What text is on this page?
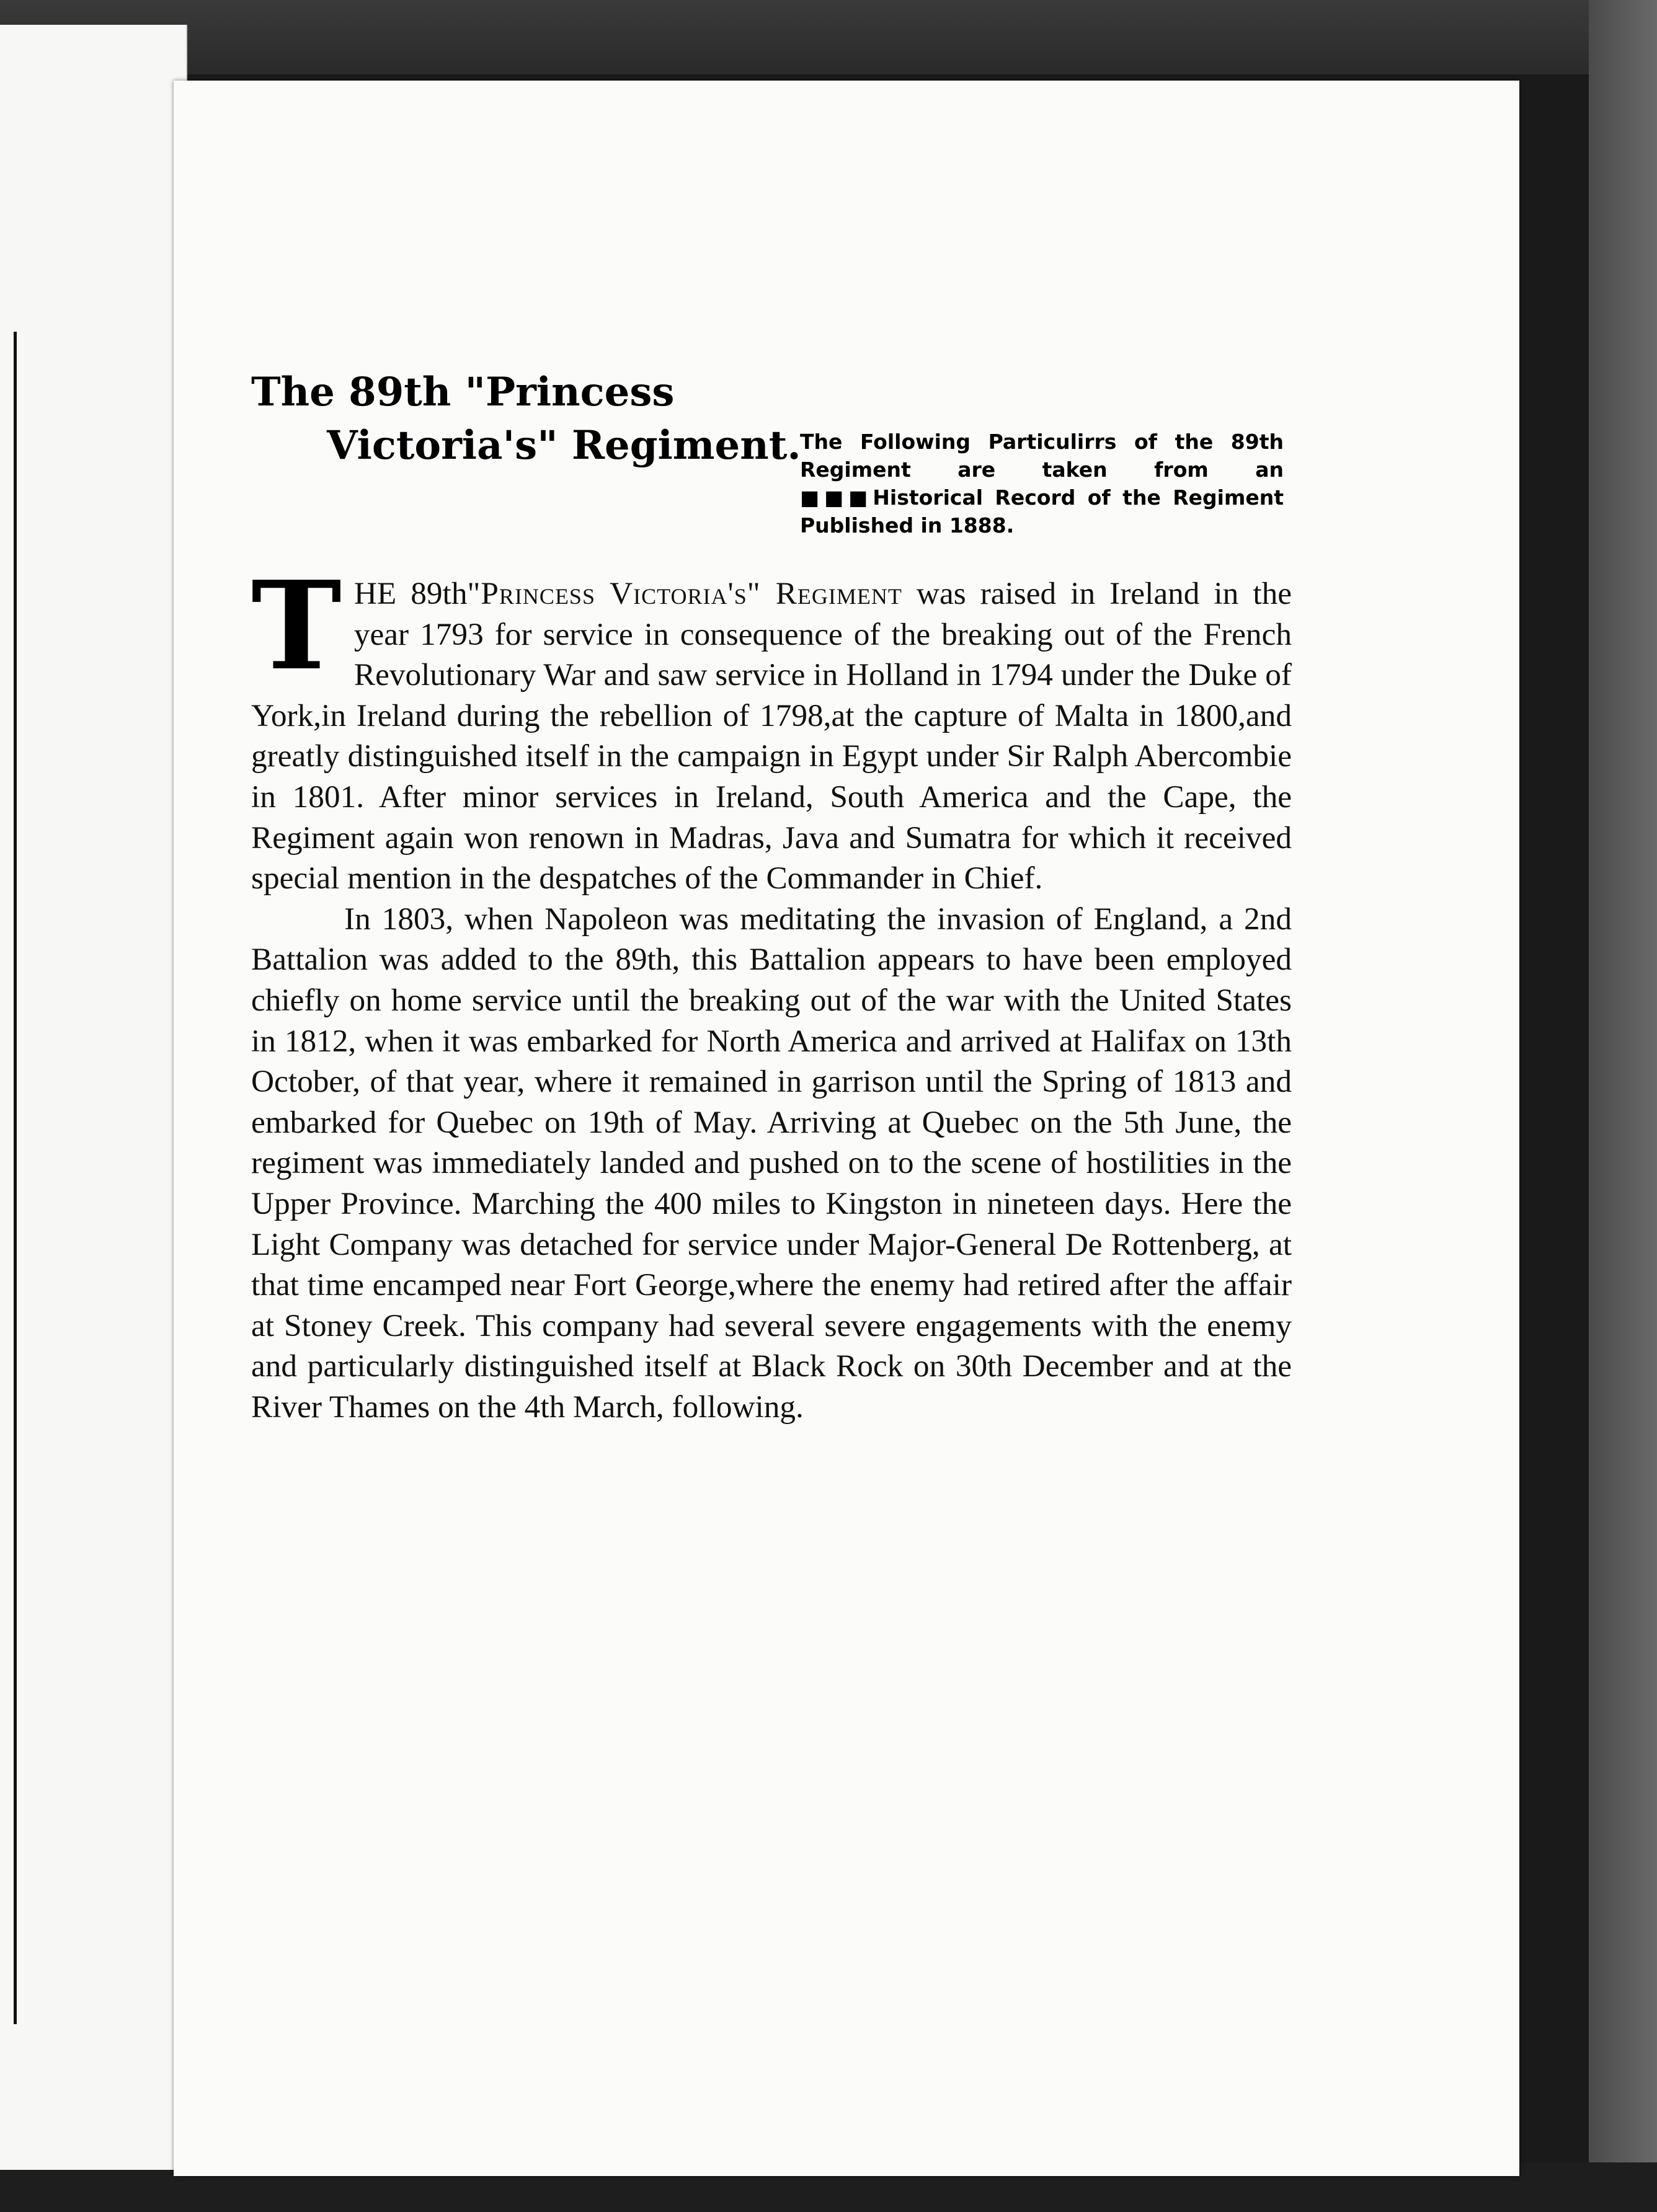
The 89th "Princess
Victoria's" Regiment.
The Following Particulirrs of the 89th Regiment are taken from an ■■■Historical Record of the Regiment Published in 1888.

THE 89th"Princess Victoria's" Regiment was raised in Ireland in the year 1793 for service in consequence of the breaking out of the French Revolutionary War and saw service in Holland in 1794 under the Duke of York,in Ireland during the rebellion of 1798,at the capture of Malta in 1800,and greatly distinguished itself in the campaign in Egypt under Sir Ralph Abercombie in 1801. After minor services in Ireland, South America and the Cape, the Regiment again won renown in Madras, Java and Sumatra for which it received special mention in the despatches of the Commander in Chief.

In 1803, when Napoleon was meditating the invasion of England, a 2nd Battalion was added to the 89th, this Battalion appears to have been employed chiefly on home service until the breaking out of the war with the United States in 1812, when it was embarked for North America and arrived at Halifax on 13th October, of that year, where it remained in garrison until the Spring of 1813 and embarked for Quebec on 19th of May. Arriving at Quebec on the 5th June, the regiment was immediately landed and pushed on to the scene of hostilities in the Upper Province. Marching the 400 miles to Kingston in nineteen days. Here the Light Company was detached for service under Major-General De Rottenberg, at that time encamped near Fort George,where the enemy had retired after the affair at Stoney Creek. This company had several severe engagements with the enemy and particularly distinguished itself at Black Rock on 30th December and at the River Thames on the 4th March, following.
